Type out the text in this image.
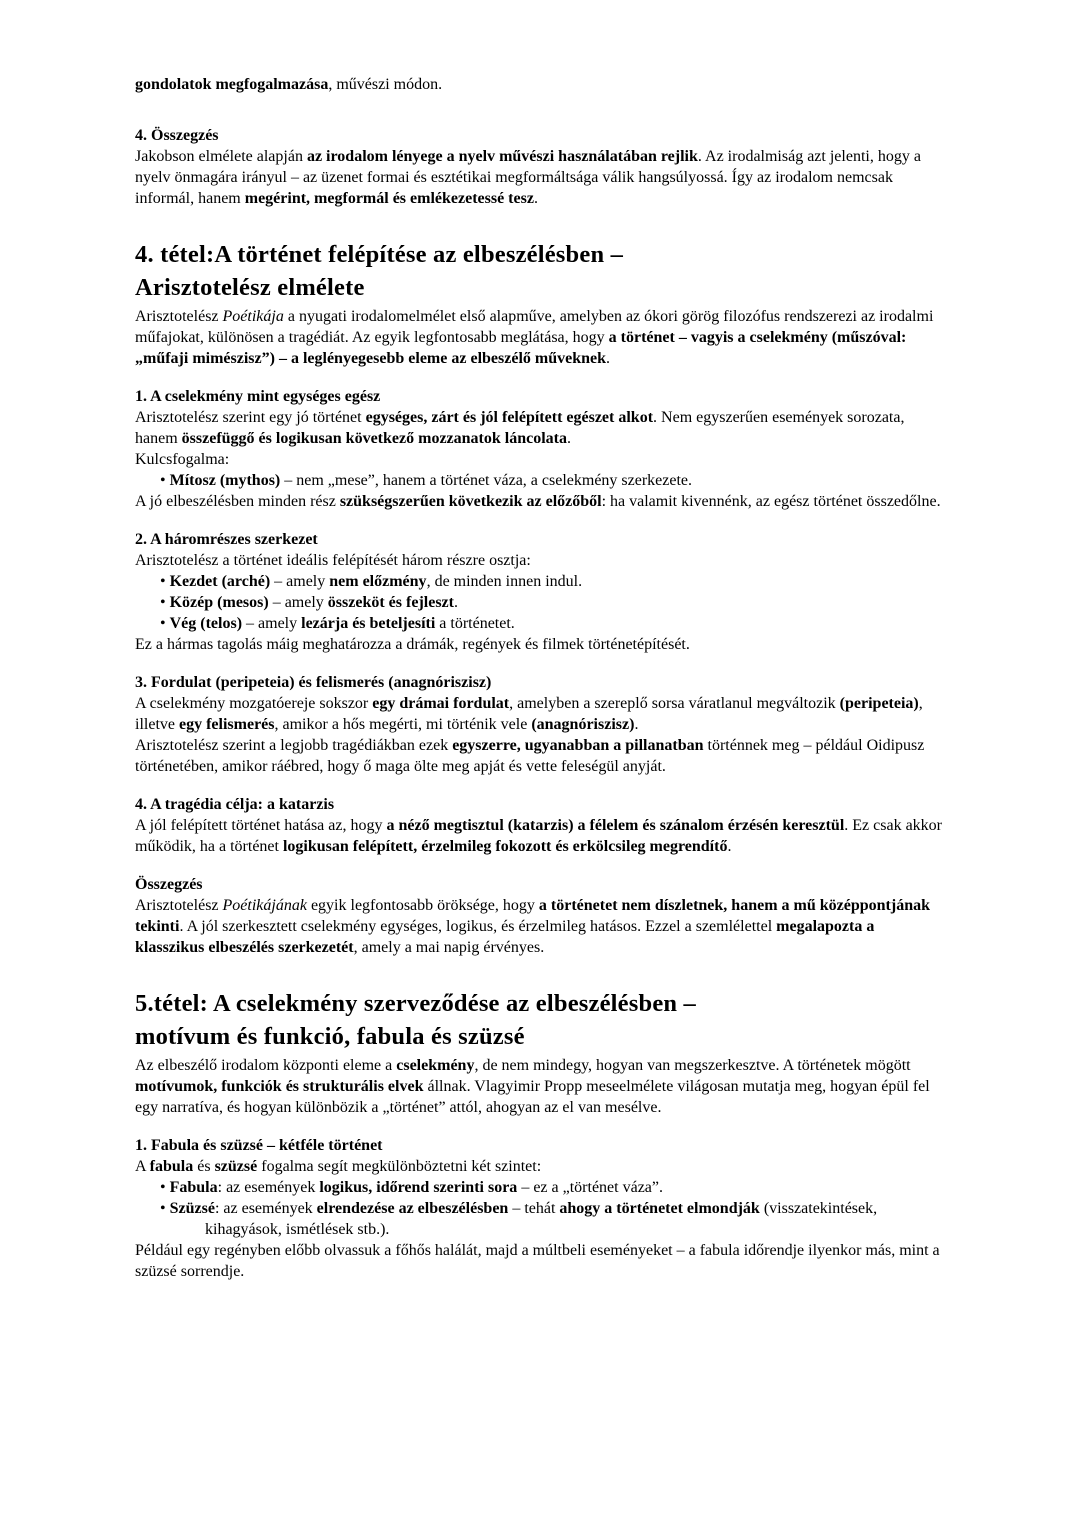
gondolatok megfogalmazása, művészi módon.

4. Összegzés

Jakobson elmélete alapján az irodalom lényege a nyelv művészi használatában rejlik. Az irodalmiság azt jelenti, hogy a nyelv önmagára irányul – az üzenet formai és esztétikai megformáltsága válik hangsúlyossá. Így az irodalom nemcsak informál, hanem megérint, megformál és emlékezetessé tesz.

4. tétel:A történet felépítése az elbeszélésben –
Arisztotelész elmélete

Arisztotelész Poétikája a nyugati irodalomelmélet első alapműve, amelyben az ókori görög filozófus rendszerezi az irodalmi műfajokat, különösen a tragédiát. Az egyik legfontosabb meglátása, hogy a történet – vagyis a cselekmény (műszóval: „műfaji mimészisz”) – a leglényegesebb eleme az elbeszélő műveknek.

1. A cselekmény mint egységes egész

Arisztotelész szerint egy jó történet egységes, zárt és jól felépített egészet alkot. Nem egyszerűen események sorozata, hanem összefüggő és logikusan következő mozzanatok láncolata.

Kulcsfogalma:

• Mítosz (mythos) – nem „mese”, hanem a történet váza, a cselekmény szerkezete.

A jó elbeszélésben minden rész szükségszerűen következik az előzőből: ha valamit kivennénk, az egész történet összedőlne.

2. A háromrészes szerkezet

Arisztotelész a történet ideális felépítését három részre osztja:

• Kezdet (arché) – amely nem előzmény, de minden innen indul.
• Közép (mesos) – amely összeköt és fejleszt.
• Vég (telos) – amely lezárja és beteljesíti a történetet.

Ez a hármas tagolás máig meghatározza a drámák, regények és filmek történetépítését.

3. Fordulat (peripeteia) és felismerés (anagnóriszisz)

A cselekmény mozgatóereje sokszor egy drámai fordulat, amelyben a szereplő sorsa váratlanul megváltozik (peripeteia), illetve egy felismerés, amikor a hős megérti, mi történik vele (anagnóriszisz).

Arisztotelész szerint a legjobb tragédiákban ezek egyszerre, ugyanabban a pillanatban történnek meg – például Oidipusz történetében, amikor ráébred, hogy ő maga ölte meg apját és vette feleségül anyját.

4. A tragédia célja: a katarzis

A jól felépített történet hatása az, hogy a néző megtisztul (katarzis) a félelem és szánalom érzésén keresztül. Ez csak akkor működik, ha a történet logikusan felépített, érzelmileg fokozott és erkölcsileg megrendítő.

Összegzés

Arisztotelész Poétikájának egyik legfontosabb öröksége, hogy a történetet nem díszletnek, hanem a mű középpontjának tekinti. A jól szerkesztett cselekmény egységes, logikus, és érzelmileg hatásos. Ezzel a szemlélettel megalapozta a klasszikus elbeszélés szerkezetét, amely a mai napig érvényes.

5.tétel: A cselekmény szerveződése az elbeszélésben –
motívum és funkció, fabula és szüzsé

Az elbeszélő irodalom központi eleme a cselekmény, de nem mindegy, hogyan van megszerkesztve. A történetek mögött motívumok, funkciók és strukturális elvek állnak. Vlagyimir Propp meseelmélete világosan mutatja meg, hogyan épül fel egy narratíva, és hogyan különbözik a „történet” attól, ahogyan az el van mesélve.

1. Fabula és szüzsé – kétféle történet

A fabula és szüzsé fogalma segít megkülönböztetni két szintet:

• Fabula: az események logikus, időrend szerinti sora – ez a „történet váza”.
• Szüzsé: az események elrendezése az elbeszélésben – tehát ahogy a történetet elmondják (visszatekintések, kihagyások, ismétlések stb.).

Például egy regényben előbb olvassuk a főhős halálát, majd a múltbeli eseményeket – a fabula időrendje ilyenkor más, mint a szüzsé sorrendje.
